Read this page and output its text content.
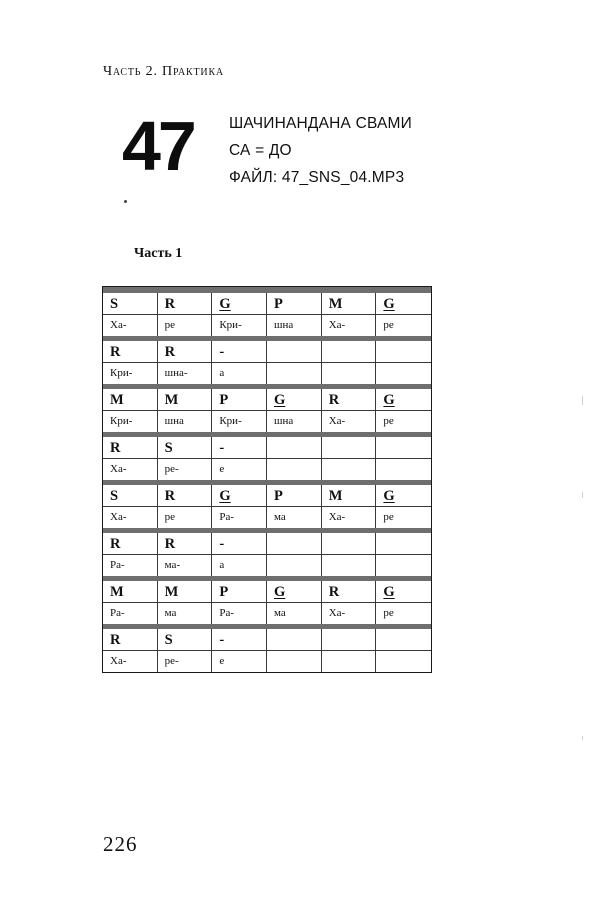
Часть 2. Практика
47 ШАЧИНАНДАНА СВАМИ
СА = ДО
ФАЙЛ: 47_SNS_04.MP3
Часть 1
S	R	G	P	M	G
Ха-	ре	Кри-	шна	Ха-	ре
R	R	-
Кри-	шна-	а
M	M	P	G	R	G
Кри-	шна	Кри-	шна	Ха-	ре
R	S	-
Ха-	ре-	е
S	R	G	P	M	G
Ха-	ре	Ра-	ма	Ха-	ре
R	R	-
Ра-	ма-	а
M	M	P	G	R	G
Ра-	ма	Ра-	ма	Ха-	ре
R	S	-
Ха-	ре-	е
226
